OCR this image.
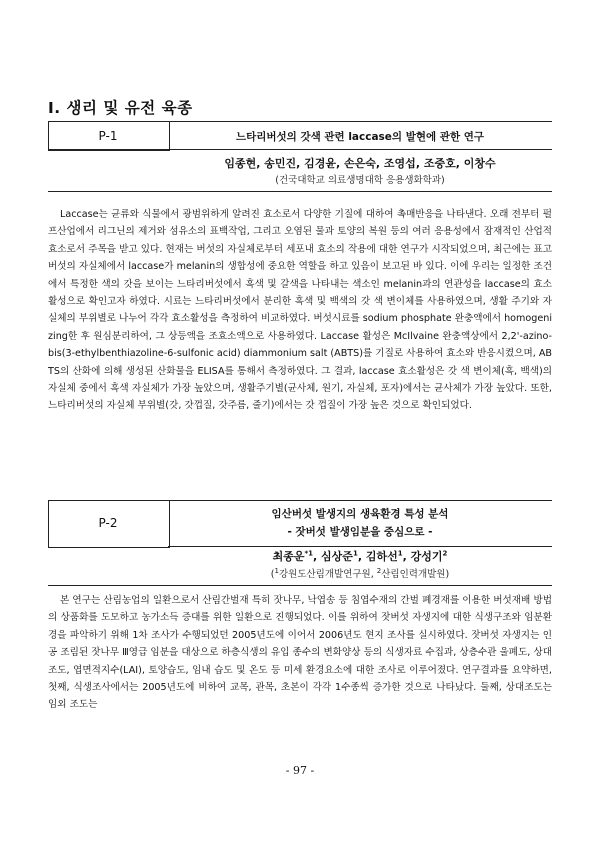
Ⅰ. 생리 및 유전 육종
P-1	느타리버섯의 갓색 관련 laccase의 발현에 관한 연구
임종현, 송민진, 김경윤, 손은숙, 조영섭, 조중호, 이창수
(건국대학교 의료생명대학 응용생화학과)

Laccase는 균류와 식물에서 광범위하게 알려진 효소로서 다양한 기질에 대하여 촉매반응을 나타낸다. 오래 전부터 펄프산업에서 리그닌의 제거와 섬유소의 표백작업, 그리고 오염된 물과 토양의 복원 등의 여러 응용성에서 잠재적인 산업적 효소로서 주목을 받고 있다. 현재는 버섯의 자실체로부터 세포내 효소의 작용에 대한 연구가 시작되었으며, 최근에는 표고버섯의 자실체에서 laccase가 melanin의 생합성에 중요한 역할을 하고 있음이 보고된 바 있다. 이에 우리는 일정한 조건에서 특정한 색의 갓을 보이는 느타리버섯에서 흑색 및 갈색을 나타내는 색소인 melanin과의 연관성을 laccase의 효소활성으로 확인고자 하였다. 시료는 느타리버섯에서 분리한 흑색 및 백색의 갓 색 변이체를 사용하였으며, 생활 주기와 자실체의 부위별로 나누어 각각 효소활성을 측정하여 비교하였다. 버섯시료를 sodium phosphate 완충액에서 homogenizing한 후 원심분리하여, 그 상등액을 조효소액으로 사용하였다. Laccase 활성은 McIlvaine 완충액상에서 2,2'-azino-bis(3-ethylbenthiazoline-6-sulfonic acid) diammonium salt (ABTS)를 기질로 사용하여 효소와 반응시켰으며, ABTS의 산화에 의해 생성된 산화물을 ELISA를 통해서 측정하였다. 그 결과, laccase 효소활성은 갓 색 변이체(흑, 백색)의 자실체 중에서 흑색 자실체가 가장 높았으며, 생활주기별(균사체, 원기, 자실체, 포자)에서는 균사체가 가장 높았다. 또한, 느타리버섯의 자실체 부위별(갓, 갓껍질, 갓주름, 줄기)에서는 갓 껍질이 가장 높은 것으로 확인되었다.

P-2
임산버섯 발생지의 생육환경 특성 분석
- 잣버섯 발생임분을 중심으로 -
최종운$^{*1}$, 심상준$^1$, 김하선$^1$, 강성기$^2$
($^1$강원도산림개발연구원, $^2$산림인력개발원)

본 연구는 산림농업의 일환으로서 산림간벌재 특히 잣나무, 낙엽송 등 침엽수재의 간벌 폐경재를 이용한 버섯재배 방법의 상품화를 도모하고 농가소득 증대를 위한 일환으로 진행되었다. 이를 위하여 잣버섯 자생지에 대한 식생구조와 임분환경을 파악하기 위해 1차 조사가 수행되었던 2005년도에 이어서 2006년도 현지 조사를 실시하였다. 잣버섯 자생지는 인공 조림된 잣나무 Ⅲ영급 임분을 대상으로 하층식생의 유입 종수의 변화양상 등의 식생자료 수집과, 상층수관 울폐도, 상대조도, 엽면적지수(LAI), 토양습도, 임내 습도 및 온도 등 미세 환경요소에 대한 조사로 이루어졌다. 연구결과를 요약하면, 첫째, 식생조사에서는 2005년도에 비하여 교목, 관목, 초본이 각각 1수종씩 증가한 것으로 나타났다. 둘째, 상대조도는 임외 조도는

- 97 -
